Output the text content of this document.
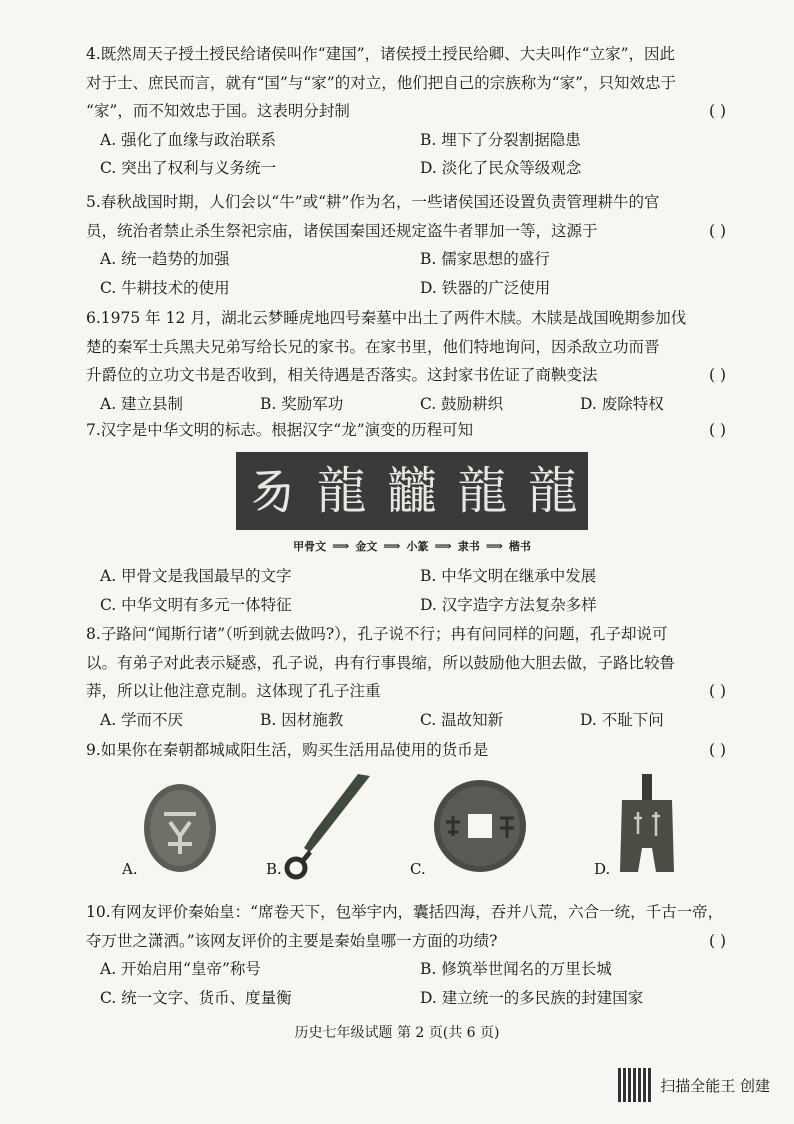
4.既然周天子授土授民给诸侯叫作“建国”，诸侯授土授民给卿、大夫叫作“立家”，因此
对于士、庶民而言，就有“国”与“家”的对立，他们把自己的宗族称为“家”，只知效忠于
“家”，而不知效忠于国。这表明分封制	( )
A. 强化了血缘与政治联系	B. 埋下了分裂割据隐患
C. 突出了权利与义务统一	D. 淡化了民众等级观念
5.春秋战国时期，人们会以“牛”或“耕”作为名，一些诸侯国还设置负责管理耕牛的官
员，统治者禁止杀生祭祀宗庙，诸侯国秦国还规定盗牛者罪加一等，这源于	( )
A. 统一趋势的加强	B. 儒家思想的盛行
C. 牛耕技术的使用	D. 铁器的广泛使用
6.1975 年 12 月，湖北云梦睡虎地四号秦墓中出土了两件木牍。木牍是战国晚期参加伐
楚的秦军士兵黑夫兄弟写给长兄的家书。在家书里，他们特地询问，因杀敌立功而晋
升爵位的立功文书是否收到，相关待遇是否落实。这封家书佐证了商鞅变法	( )
A. 建立县制	B. 奖励军功	C. 鼓励耕织	D. 废除特权
7.汉字是中华文明的标志。根据汉字“龙”演变的历程可知	( )
𠃓 龍 龖 龍 龍
甲骨文 ⟹ 金文 ⟹ 小篆 ⟹ 隶书 ⟹ 楷书
A. 甲骨文是我国最早的文字	B. 中华文明在继承中发展
C. 中华文明有多元一体特征	D. 汉字造字方法复杂多样
8.子路问“闻斯行诸”（听到就去做吗?），孔子说不行；冉有问同样的问题，孔子却说可
以。有弟子对此表示疑惑，孔子说，冉有行事畏缩，所以鼓励他大胆去做，子路比较鲁
莽，所以让他注意克制。这体现了孔子注重	( )
A. 学而不厌	B. 因材施教	C. 温故知新	D. 不耻下问
9.如果你在秦朝都城咸阳生活，购买生活用品使用的货币是	( )
A.	B.	C.	D.
10.有网友评价秦始皇：“席卷天下，包举宇内，囊括四海，吞并八荒，六合一统，千古一帝，
夺万世之潇洒。”该网友评价的主要是秦始皇哪一方面的功绩?	( )
A. 开始启用“皇帝”称号	B. 修筑举世闻名的万里长城
C. 统一文字、货币、度量衡	D. 建立统一的多民族的封建国家
历史七年级试题 第 2 页(共 6 页)
扫描全能王 创建
